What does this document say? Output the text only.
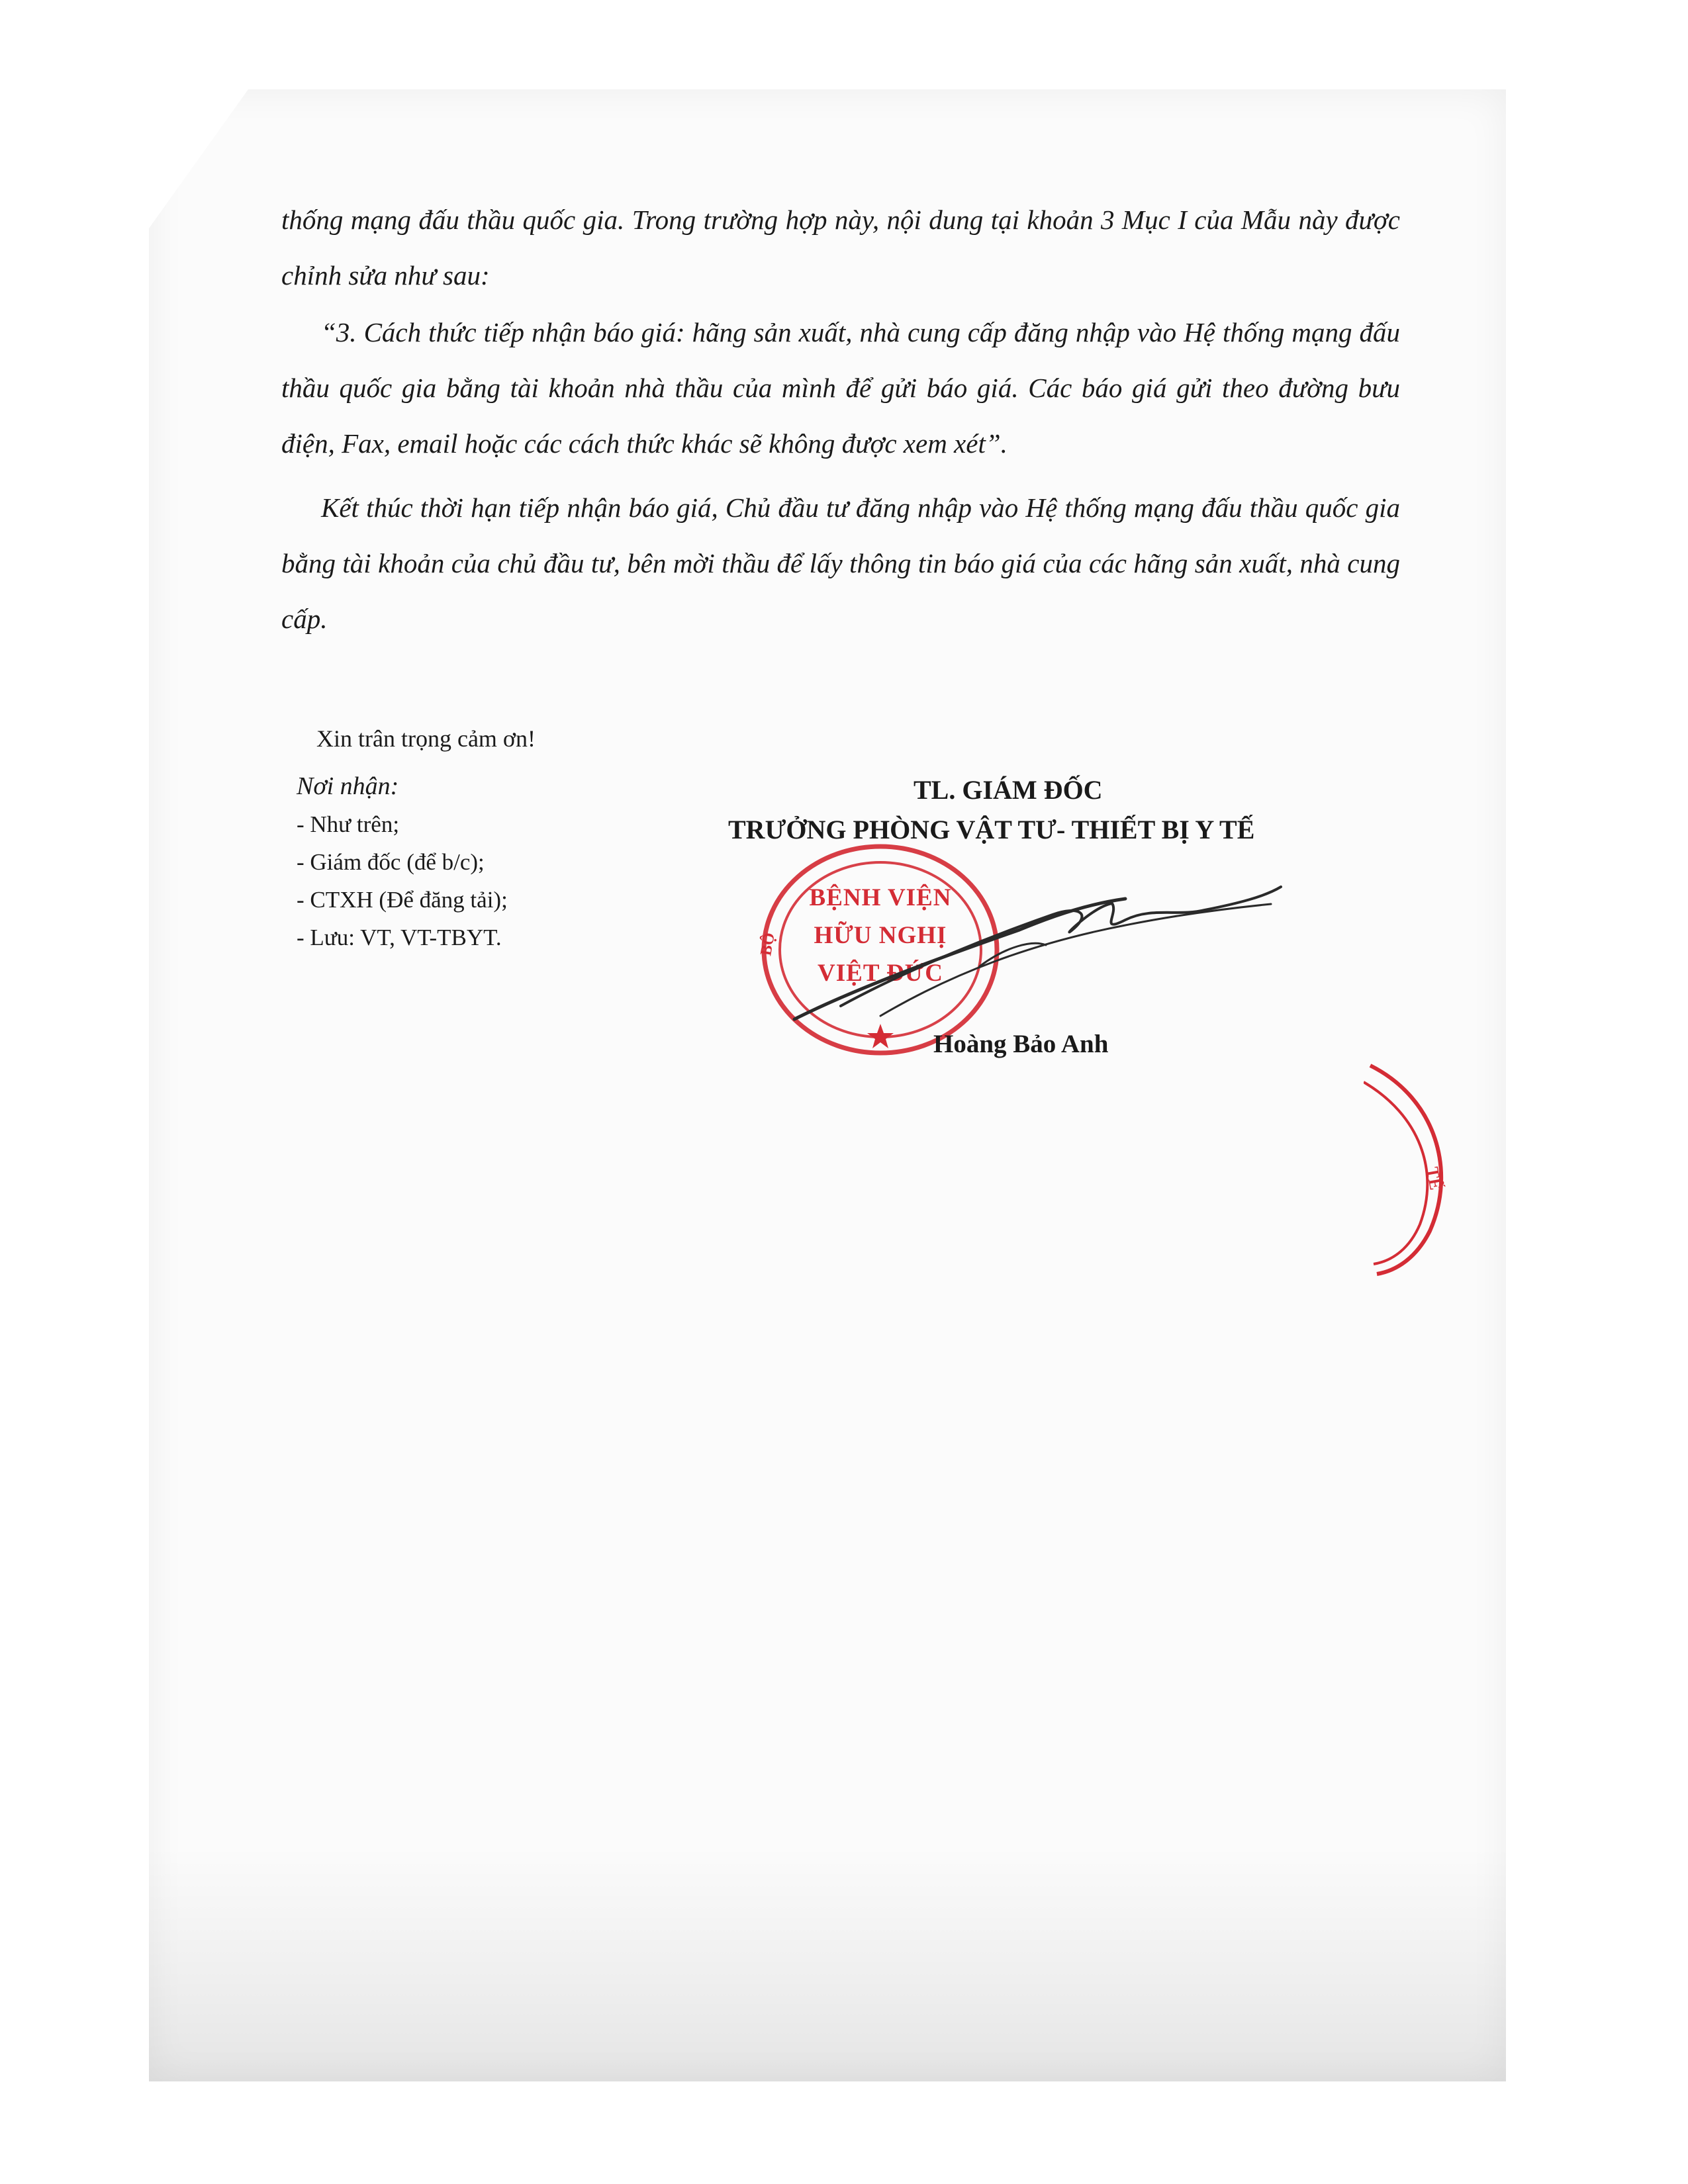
thống mạng đấu thầu quốc gia. Trong trường hợp này, nội dung tại khoản 3 Mục I của Mẫu này được chỉnh sửa như sau:

“3. Cách thức tiếp nhận báo giá: hãng sản xuất, nhà cung cấp đăng nhập vào Hệ thống mạng đấu thầu quốc gia bằng tài khoản nhà thầu của mình để gửi báo giá. Các báo giá gửi theo đường bưu điện, Fax, email hoặc các cách thức khác sẽ không được xem xét”.

Kết thúc thời hạn tiếp nhận báo giá, Chủ đầu tư đăng nhập vào Hệ thống mạng đấu thầu quốc gia bằng tài khoản của chủ đầu tư, bên mời thầu để lấy thông tin báo giá của các hãng sản xuất, nhà cung cấp.

Xin trân trọng cảm ơn!
Nơi nhận:
- Như trên;
- Giám đốc (để b/c);
- CTXH (Để đăng tải);
- Lưu: VT, VT-TBYT.
TL. GIÁM ĐỐC
TRƯỞNG PHÒNG VẬT TƯ- THIẾT BỊ Y TẾ
BỘ
BỆNH VIỆN
HỮU NGHỊ
VIỆT ĐỨC
Hoàng Bảo Anh
TẾ
